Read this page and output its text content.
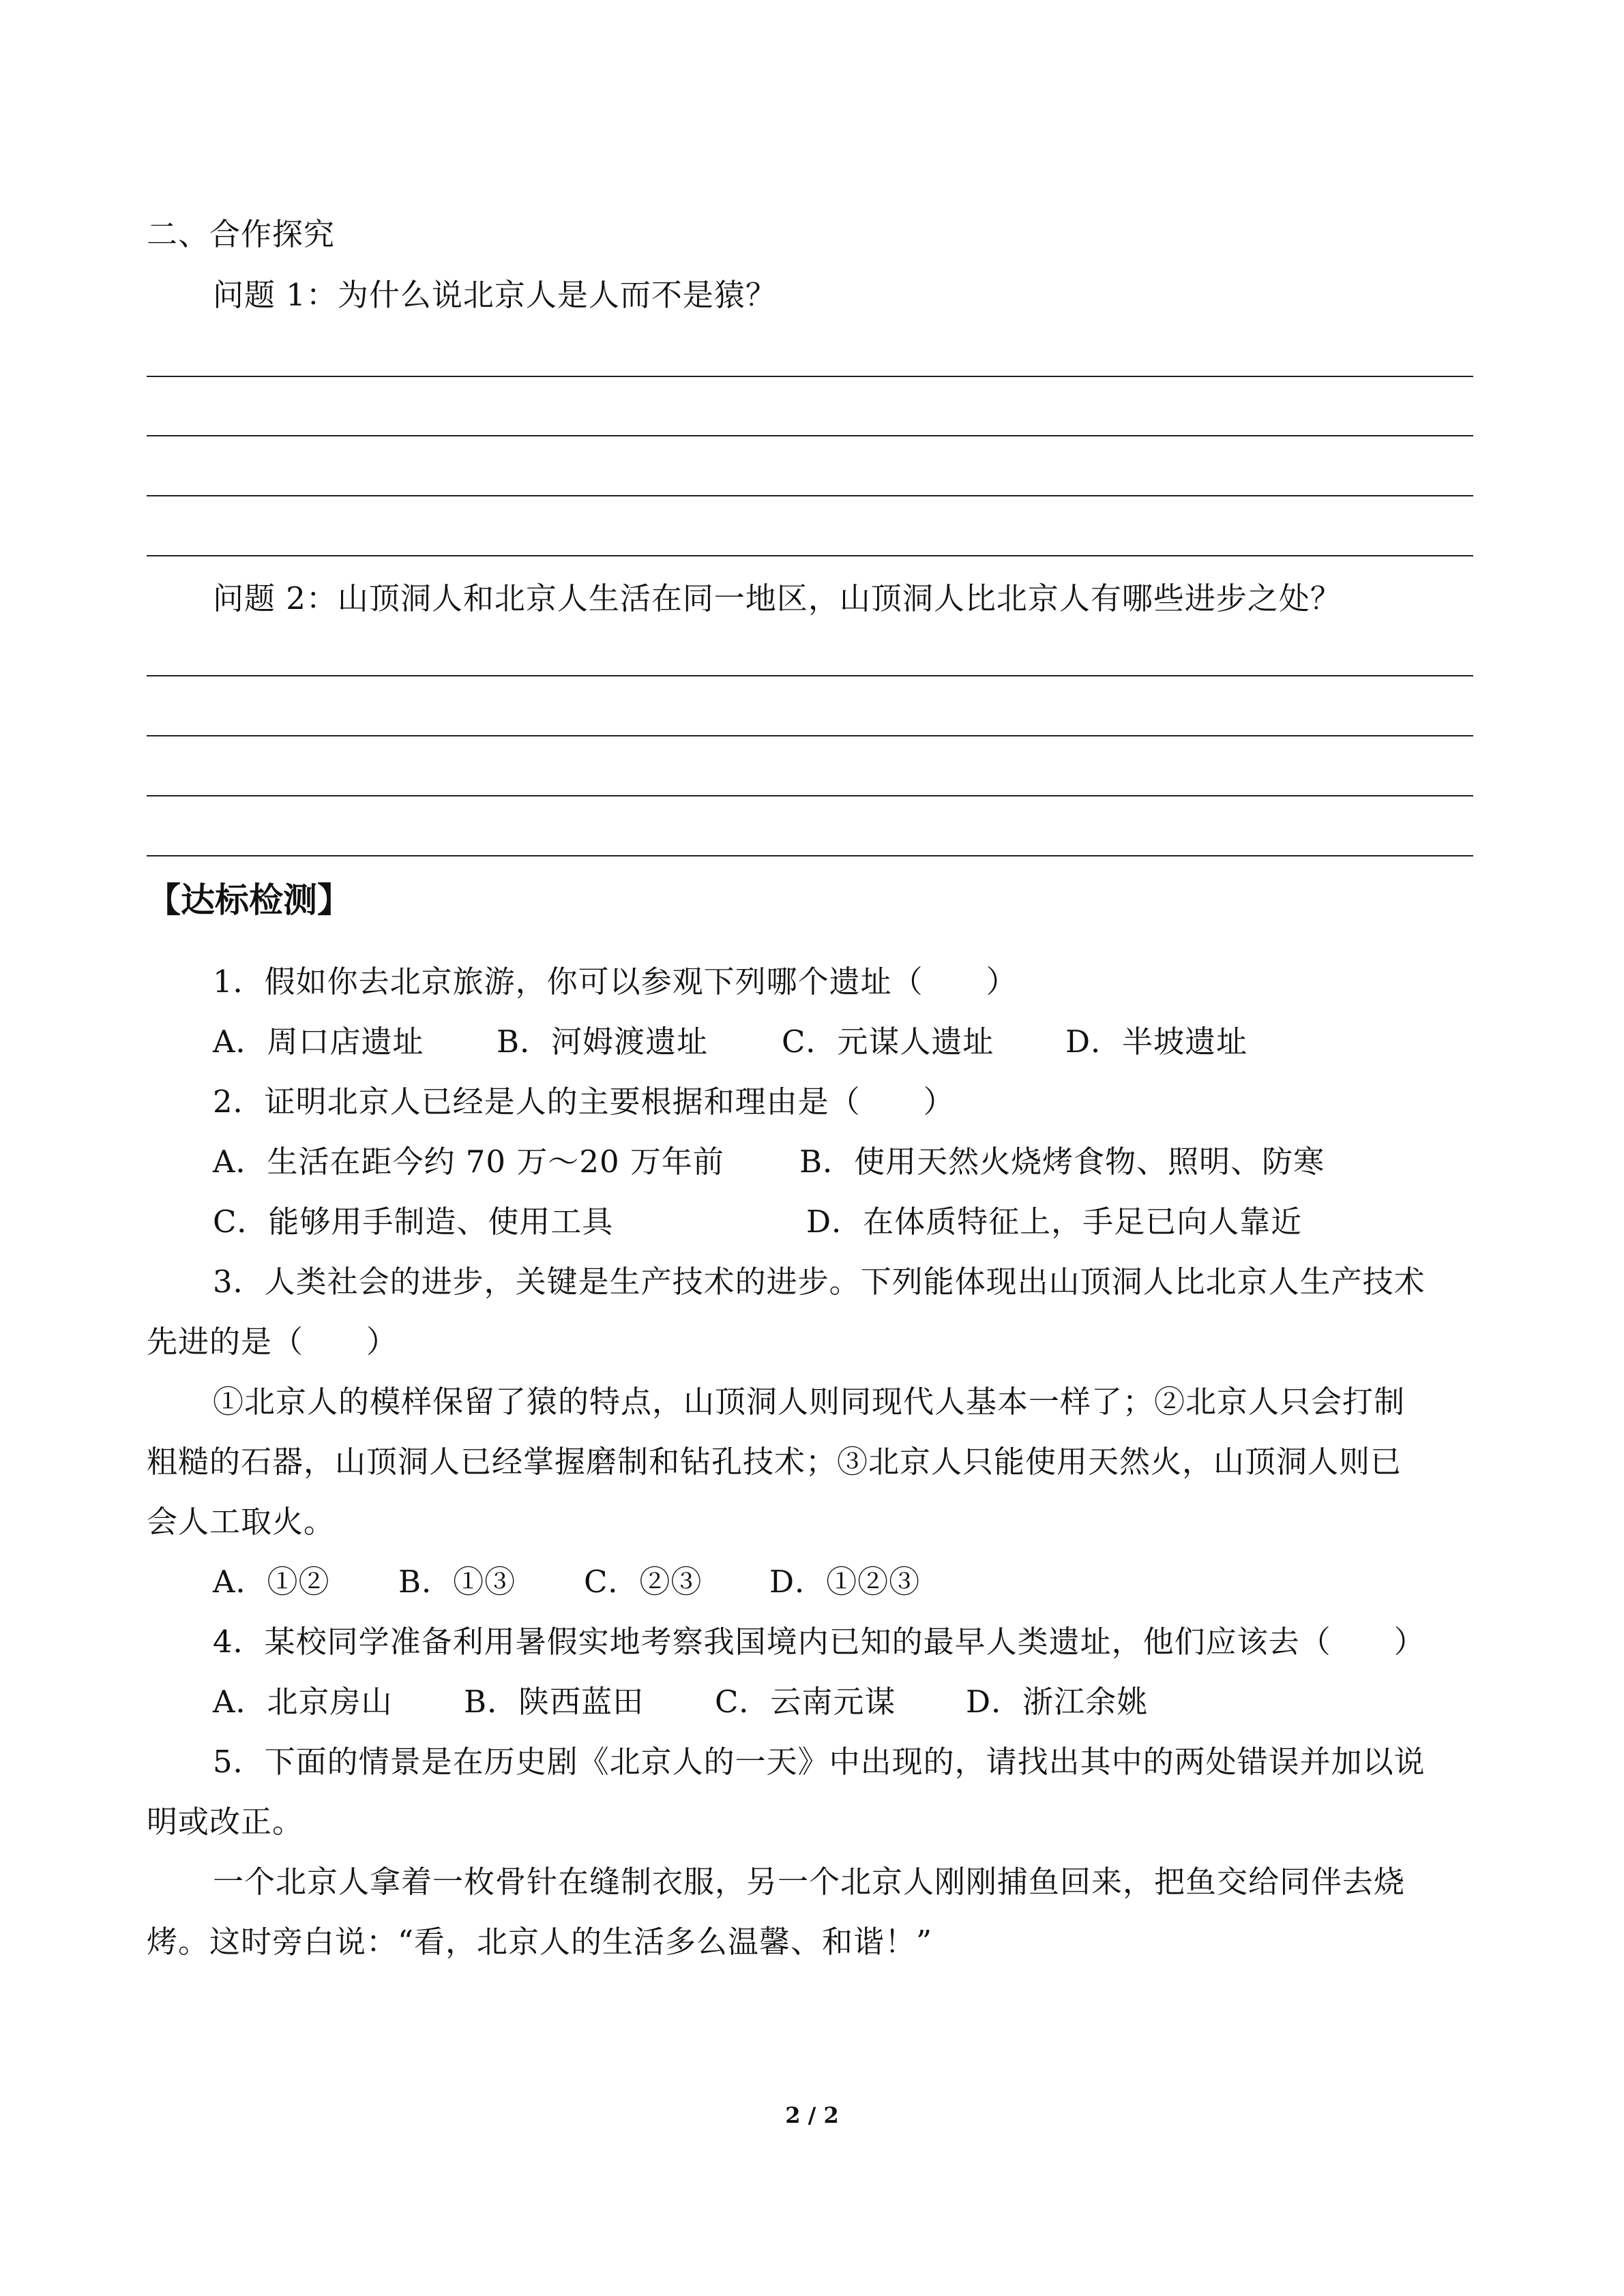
二、合作探究
问题 1：为什么说北京人是人而不是猿？
问题 2：山顶洞人和北京人生活在同一地区，山顶洞人比北京人有哪些进步之处？
【达标检测】
1．假如你去北京旅游，你可以参观下列哪个遗址（　　）
A．周口店遗址 B．河姆渡遗址 C．元谋人遗址 D．半坡遗址
2．证明北京人已经是人的主要根据和理由是（　　）
A．生活在距今约 70 万～20 万年前 B．使用天然火烧烤食物、照明、防寒
C．能够用手制造、使用工具	D．在体质特征上，手足已向人靠近
3．人类社会的进步，关键是生产技术的进步。下列能体现出山顶洞人比北京人生产技术
先进的是（　　）
①北京人的模样保留了猿的特点，山顶洞人则同现代人基本一样了；②北京人只会打制
粗糙的石器，山顶洞人已经掌握磨制和钻孔技术；③北京人只能使用天然火，山顶洞人则已
会人工取火。
A．①② B．①③ C．②③ D．①②③
4．某校同学准备利用暑假实地考察我国境内已知的最早人类遗址，他们应该去（　　）
A．北京房山 B．陕西蓝田 C．云南元谋 D．浙江余姚
5．下面的情景是在历史剧《北京人的一天》中出现的，请找出其中的两处错误并加以说
明或改正。
一个北京人拿着一枚骨针在缝制衣服，另一个北京人刚刚捕鱼回来，把鱼交给同伴去烧
烤。这时旁白说：“看，北京人的生活多么温馨、和谐！”
2 / 2
